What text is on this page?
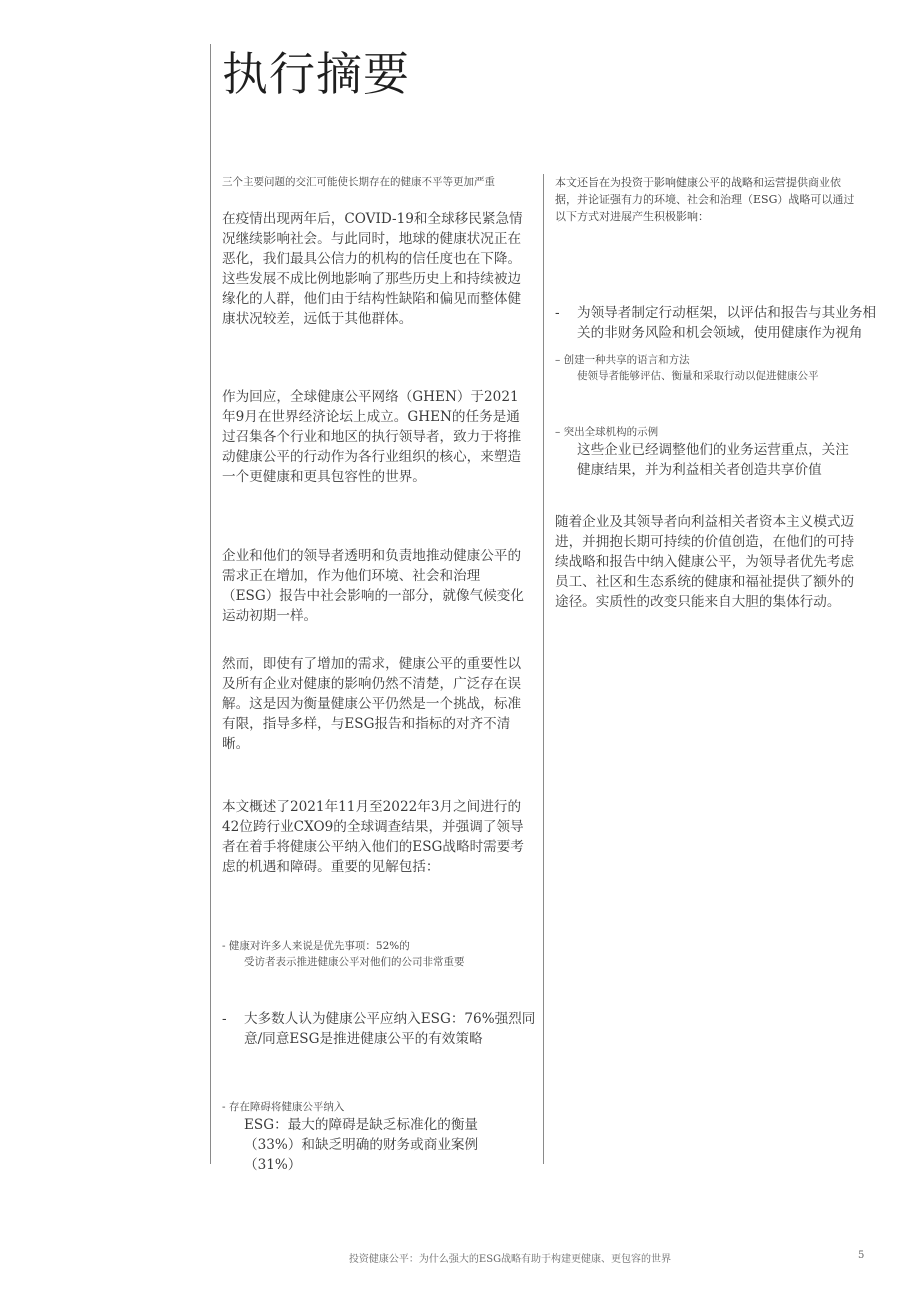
执行摘要

三个主要问题的交汇可能使长期存在的健康不平等更加严重

在疫情出现两年后，COVID-19和全球移民紧急情况继续影响社会。与此同时，地球的健康状况正在恶化，我们最具公信力的机构的信任度也在下降。这些发展不成比例地影响了那些历史上和持续被边缘化的人群，他们由于结构性缺陷和偏见而整体健康状况较差，远低于其他群体。

作为回应，全球健康公平网络（GHEN）于2021年9月在世界经济论坛上成立。GHEN的任务是通过召集各个行业和地区的执行领导者，致力于将推动健康公平的行动作为各行业组织的核心，来塑造一个更健康和更具包容性的世界。

企业和他们的领导者透明和负责地推动健康公平的需求正在增加，作为他们环境、社会和治理（ESG）报告中社会影响的一部分，就像气候变化运动初期一样。

然而，即使有了增加的需求，健康公平的重要性以及所有企业对健康的影响仍然不清楚，广泛存在误解。这是因为衡量健康公平仍然是一个挑战，标准有限，指导多样，与ESG报告和指标的对齐不清晰。

本文概述了2021年11月至2022年3月之间进行的42位跨行业CXO9的全球调查结果，并强调了领导者在着手将健康公平纳入他们的ESG战略时需要考虑的机遇和障碍。重要的见解包括：

- 健康对许多人来说是优先事项：52%的
受访者表示推进健康公平对他们的公司非常重要
- 大多数人认为健康公平应纳入ESG：76%强烈同意/同意ESG是推进健康公平的有效策略
- 存在障碍将健康公平纳入
ESG：最大的障碍是缺乏标准化的衡量（33%）和缺乏明确的财务或商业案例（31%）

本文还旨在为投资于影响健康公平的战略和运营提供商业依据，并论证强有力的环境、社会和治理（ESG）战略可以通过以下方式对进展产生积极影响：

- 为领导者制定行动框架，以评估和报告与其业务相关的非财务风险和机会领域，使用健康作为视角
– 创建一种共享的语言和方法
使领导者能够评估、衡量和采取行动以促进健康公平
– 突出全球机构的示例
这些企业已经调整他们的业务运营重点，关注健康结果，并为利益相关者创造共享价值

随着企业及其领导者向利益相关者资本主义模式迈进，并拥抱长期可持续的价值创造，在他们的可持续战略和报告中纳入健康公平，为领导者优先考虑员工、社区和生态系统的健康和福祉提供了额外的途径。实质性的改变只能来自大胆的集体行动。

投资健康公平：为什么强大的ESG战略有助于构建更健康、更包容的世界	5
